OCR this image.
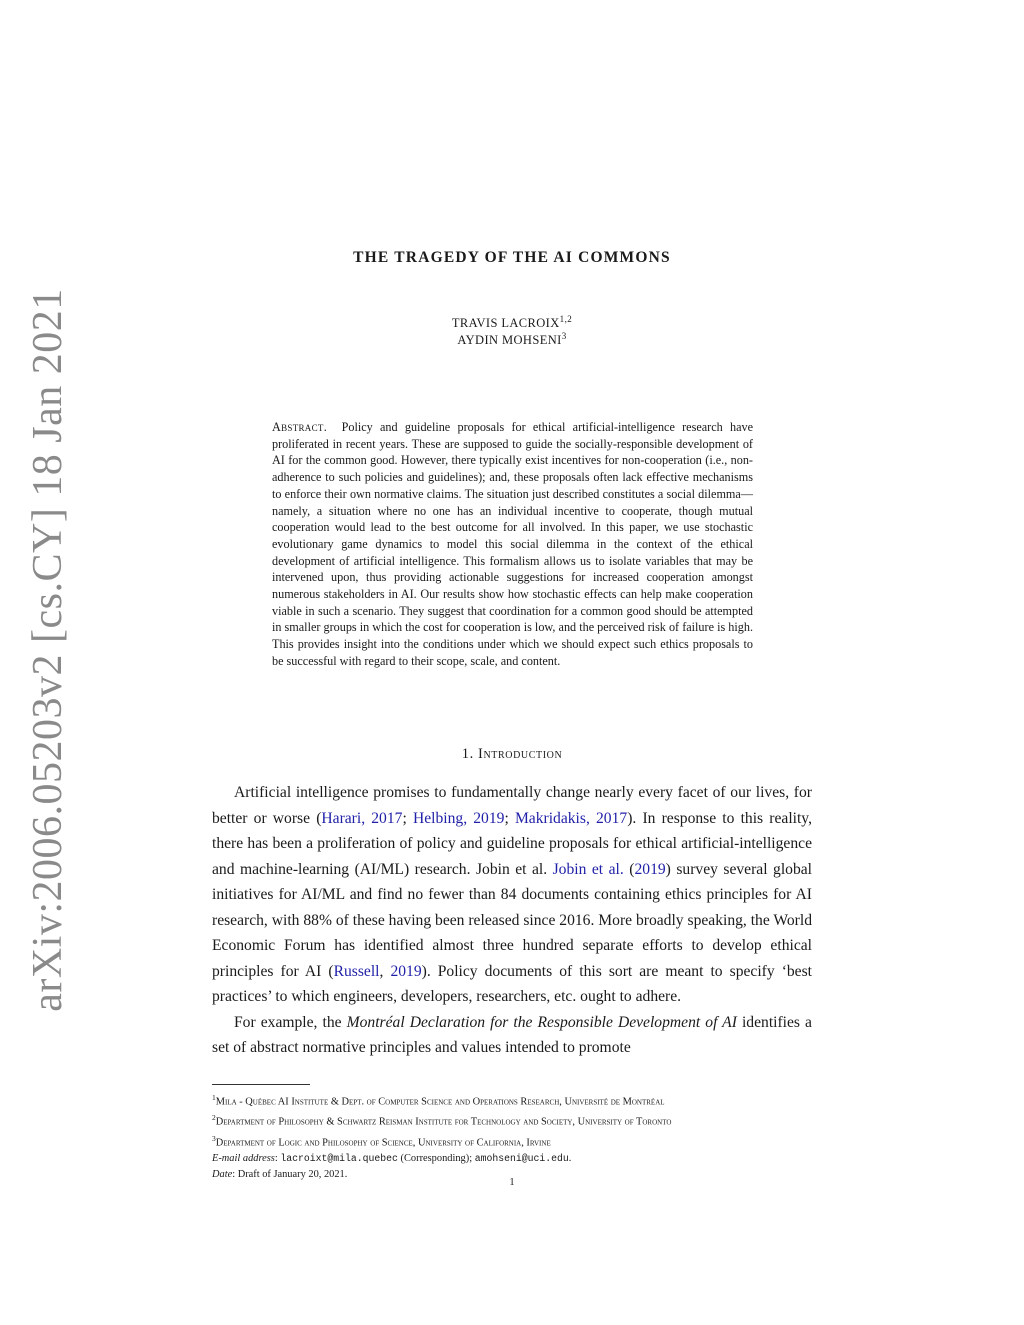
arXiv:2006.05203v2 [cs.CY] 18 Jan 2021
THE TRAGEDY OF THE AI COMMONS
TRAVIS LACROIX$^{1,2}$
AYDIN MOHSENI$^3$
Abstract. Policy and guideline proposals for ethical artificial-intelligence research have proliferated in recent years. These are supposed to guide the socially-responsible development of AI for the common good. However, there typically exist incentives for non-cooperation (i.e., non-adherence to such policies and guidelines); and, these proposals often lack effective mechanisms to enforce their own normative claims. The situation just described constitutes a social dilemma—namely, a situation where no one has an individual incentive to cooperate, though mutual cooperation would lead to the best outcome for all involved. In this paper, we use stochastic evolutionary game dynamics to model this social dilemma in the context of the ethical development of artificial intelligence. This formalism allows us to isolate variables that may be intervened upon, thus providing actionable suggestions for increased cooperation amongst numerous stakeholders in AI. Our results show how stochastic effects can help make cooperation viable in such a scenario. They suggest that coordination for a common good should be attempted in smaller groups in which the cost for cooperation is low, and the perceived risk of failure is high. This provides insight into the conditions under which we should expect such ethics proposals to be successful with regard to their scope, scale, and content.
1. Introduction

Artificial intelligence promises to fundamentally change nearly every facet of our lives, for better or worse (Harari, 2017; Helbing, 2019; Makridakis, 2017). In response to this reality, there has been a proliferation of policy and guideline proposals for ethical artificial-intelligence and machine-learning (AI/ML) research. Jobin et al. Jobin et al. (2019) survey several global initiatives for AI/ML and find no fewer than 84 documents containing ethics principles for AI research, with 88% of these having been released since 2016. More broadly speaking, the World Economic Forum has identified almost three hundred separate efforts to develop ethical principles for AI (Russell, 2019). Policy documents of this sort are meant to specify ‘best practices’ to which engineers, developers, researchers, etc. ought to adhere.

For example, the Montréal Declaration for the Responsible Development of AI identifies a set of abstract normative principles and values intended to promote

$^1$Mila - Québec AI Institute & Dept. of Computer Science and Operations Research, Université de Montréal
$^2$Department of Philosophy & Schwartz Reisman Institute for Technology and Society, University of Toronto
$^3$Department of Logic and Philosophy of Science, University of California, Irvine
E-mail address: lacroixt@mila.quebec (Corresponding); amohseni@uci.edu.
Date: Draft of January 20, 2021.
1
